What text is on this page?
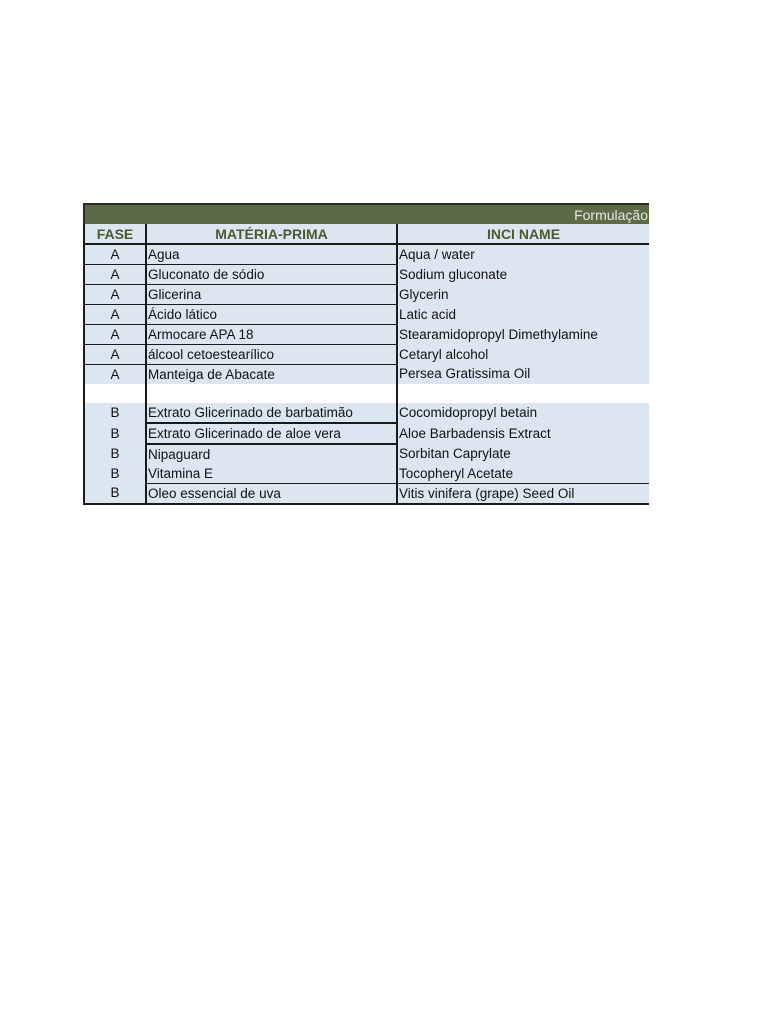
Formulação		
FASE	MATÉRIA-PRIMA	INCI NAME
A	Agua	Aqua / water
A	Gluconato de sódio	Sodium gluconate
A	Glicerina	Glycerin
A	Ácido lático	Latic acid
A	Armocare APA 18	Stearamidopropyl Dimethylamine
A	álcool cetoestearílico	Cetaryl alcohol
A	Manteiga de Abacate	Persea Gratissima Oil

B	Extrato Glicerinado de barbatimão	Cocomidopropyl betain
B	Extrato Glicerinado de aloe vera	Aloe Barbadensis Extract
B	Nipaguard	Sorbitan Caprylate
B	Vitamina E	Tocopheryl Acetate
B	Oleo essencial de uva	Vitis vinifera (grape) Seed Oil
